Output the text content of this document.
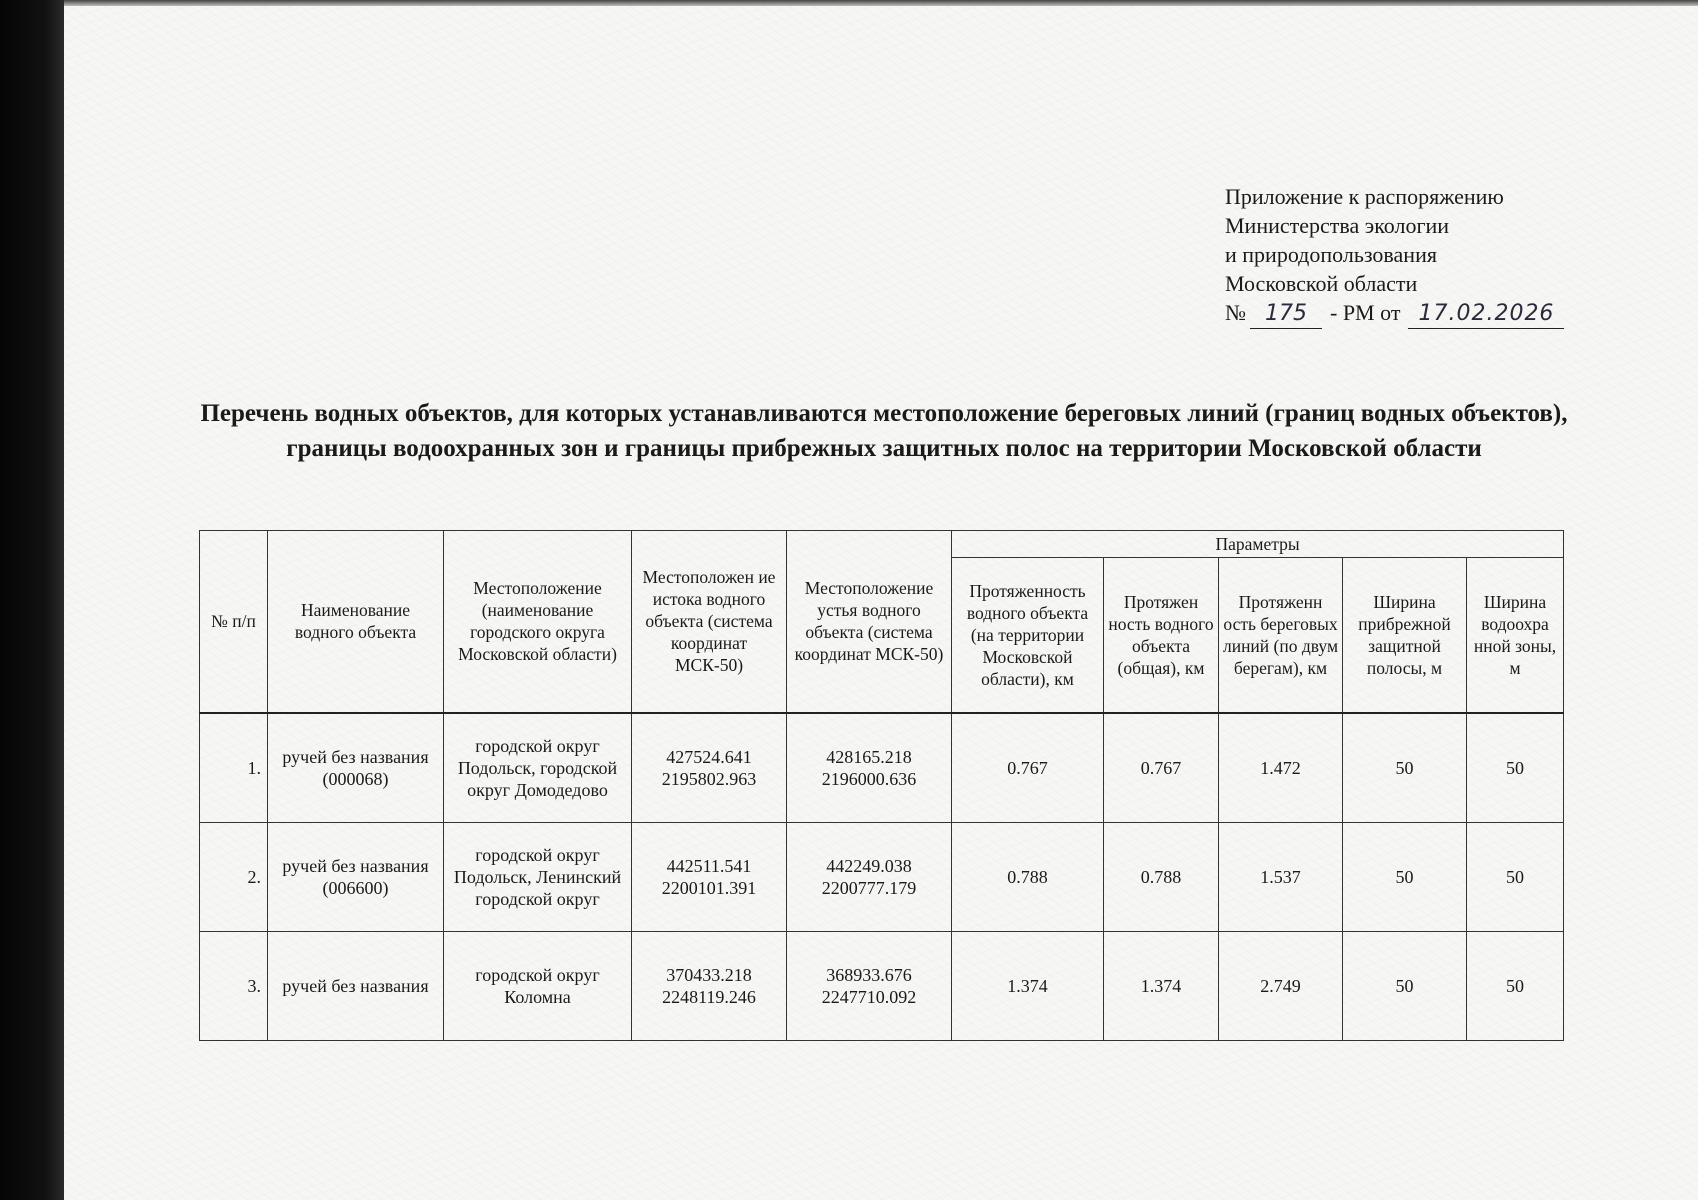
Приложение к распоряжению
Министерства экологии
и природопользования
Московской области
№ 175	- РМ от 17.02.2026
Перечень водных объектов, для которых устанавливаются местоположение береговых линий (границ водных объектов), границы водоохранных зон и границы прибрежных защитных полос на территории Московской области
№ п/п	Наименование водного объекта	Местоположение (наименование городского округа Московской области)	Местоположен ие истока водного объекта (система координат МСК-50)	Местоположение устья водного объекта (система координат МСК-50)	Параметры				
					Протяженность водного объекта (на территории Московской области), км	Протяжен ность водного объекта (общая), км	Протяженн ость береговых линий (по двум берегам), км	Ширина прибрежной защитной полосы, м	Ширина водоохра нной зоны, м
1.	ручей без названия (000068)	городской округ Подольск, городской округ Домодедово	427524.641 2195802.963	428165.218 2196000.636	0.767	0.767	1.472	50	50
2.	ручей без названия (006600)	городской округ Подольск, Ленинский городской округ	442511.541 2200101.391	442249.038 2200777.179	0.788	0.788	1.537	50	50
3.	ручей без названия	городской округ Коломна	370433.218 2248119.246	368933.676 2247710.092	1.374	1.374	2.749	50	50
